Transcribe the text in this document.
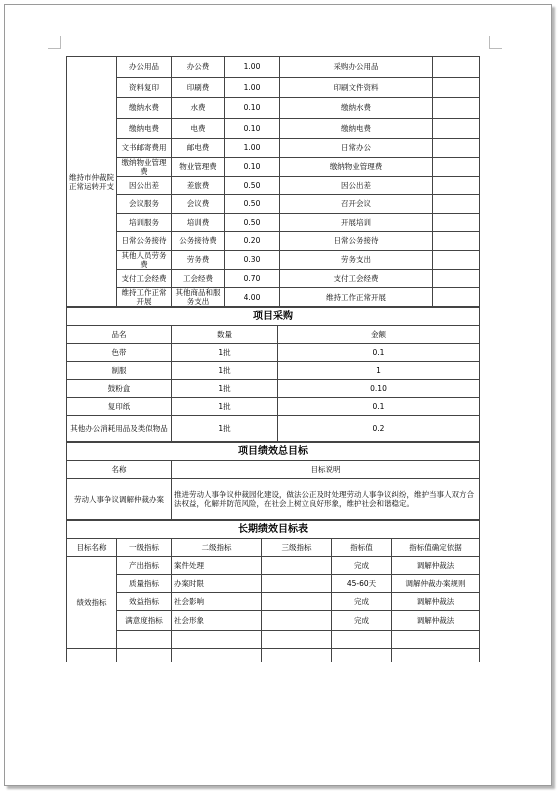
维持市仲裁院正常运转开支	办公用品	办公费	1.00	采购办公用品	
	资料复印	印刷费	1.00	印刷文件资料	
	缴纳水费	水费	0.10	缴纳水费	
	缴纳电费	电费	0.10	缴纳电费	
	文书邮寄费用	邮电费	1.00	日常办公	
	缴纳物业管理费	物业管理费	0.10	缴纳物业管理费	
	因公出差	差旅费	0.50	因公出差	
	会议服务	会议费	0.50	召开会议	
	培训服务	培训费	0.50	开展培训	
	日常公务接待	公务接待费	0.20	日常公务接待	
	其他人员劳务费	劳务费	0.30	劳务支出	
	支付工会经费	工会经费	0.70	支付工会经费	
	维持工作正常开展	其他商品和服务支出	4.00	维持工作正常开展	
项目采购		
品名	数量	金额
色带	1批	0.1
制服	1批	1
鼓粉盒	1批	0.10
复印纸	1批	0.1
其他办公消耗用品及类似物品	1批	0.2
项目绩效总目标	
名称	目标说明
劳动人事争议调解仲裁办案	推进劳动人事争议仲裁园化建设，做法公正及时处理劳动人事争议纠纷，维护当事人双方合法权益，化解并防范风险，在社会上树立良好形象，维护社会和谐稳定。
长期绩效目标表					
目标名称	一级指标	二级指标	三级指标	指标值	指标值确定依据
绩效指标	产出指标	案件处理		完成	调解仲裁法
	质量指标	办案时限		45-60天	调解仲裁办案规则
	效益指标	社会影响		完成	调解仲裁法
	满意度指标	社会形象		完成	调解仲裁法
